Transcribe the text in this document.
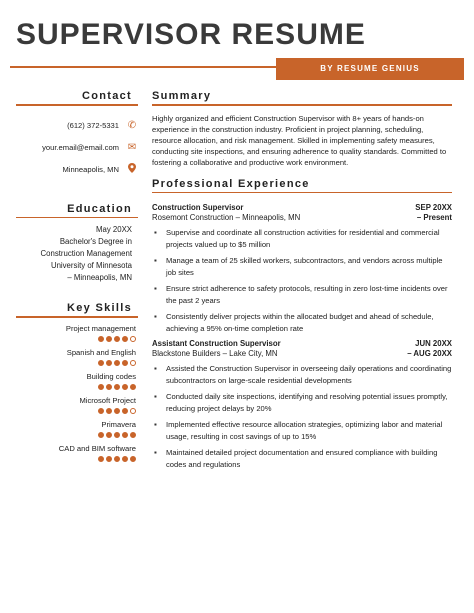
SUPERVISOR RESUME
BY RESUME GENIUS
Contact
(612) 372-5331 ✆
your.email@email.com ✉
Minneapolis, MN
Education
May 20XX
Bachelor's Degree in
Construction Management
University of Minnesota
– Minneapolis, MN
Key Skills
Project management
Spanish and English
Building codes
Microsoft Project
Primavera
CAD and BIM software
Summary
Highly organized and efficient Construction Supervisor with 8+ years of hands-on experience in the construction industry. Proficient in project planning, scheduling, resource allocation, and risk management. Skilled in implementing safety measures, conducting site inspections, and ensuring adherence to quality standards. Committed to fostering a collaborative and productive work environment.
Professional Experience
Construction Supervisor	SEP 20XX
Rosemont Construction – Minneapolis, MN	– Present
▪ Supervise and coordinate all construction activities for residential and commercial projects valued up to $5 million
▪ Manage a team of 25 skilled workers, subcontractors, and vendors across multiple job sites
▪ Ensure strict adherence to safety protocols, resulting in zero lost-time incidents over the past 2 years
▪ Consistently deliver projects within the allocated budget and ahead of schedule, achieving a 95% on-time completion rate
Assistant Construction Supervisor	JUN 20XX
Blackstone Builders – Lake City, MN	– AUG 20XX
▪ Assisted the Construction Supervisor in overseeing daily operations and coordinating subcontractors on large-scale residential developments
▪ Conducted daily site inspections, identifying and resolving potential issues promptly, reducing project delays by 20%
▪ Implemented effective resource allocation strategies, optimizing labor and material usage, resulting in cost savings of up to 15%
▪ Maintained detailed project documentation and ensured compliance with building codes and regulations
